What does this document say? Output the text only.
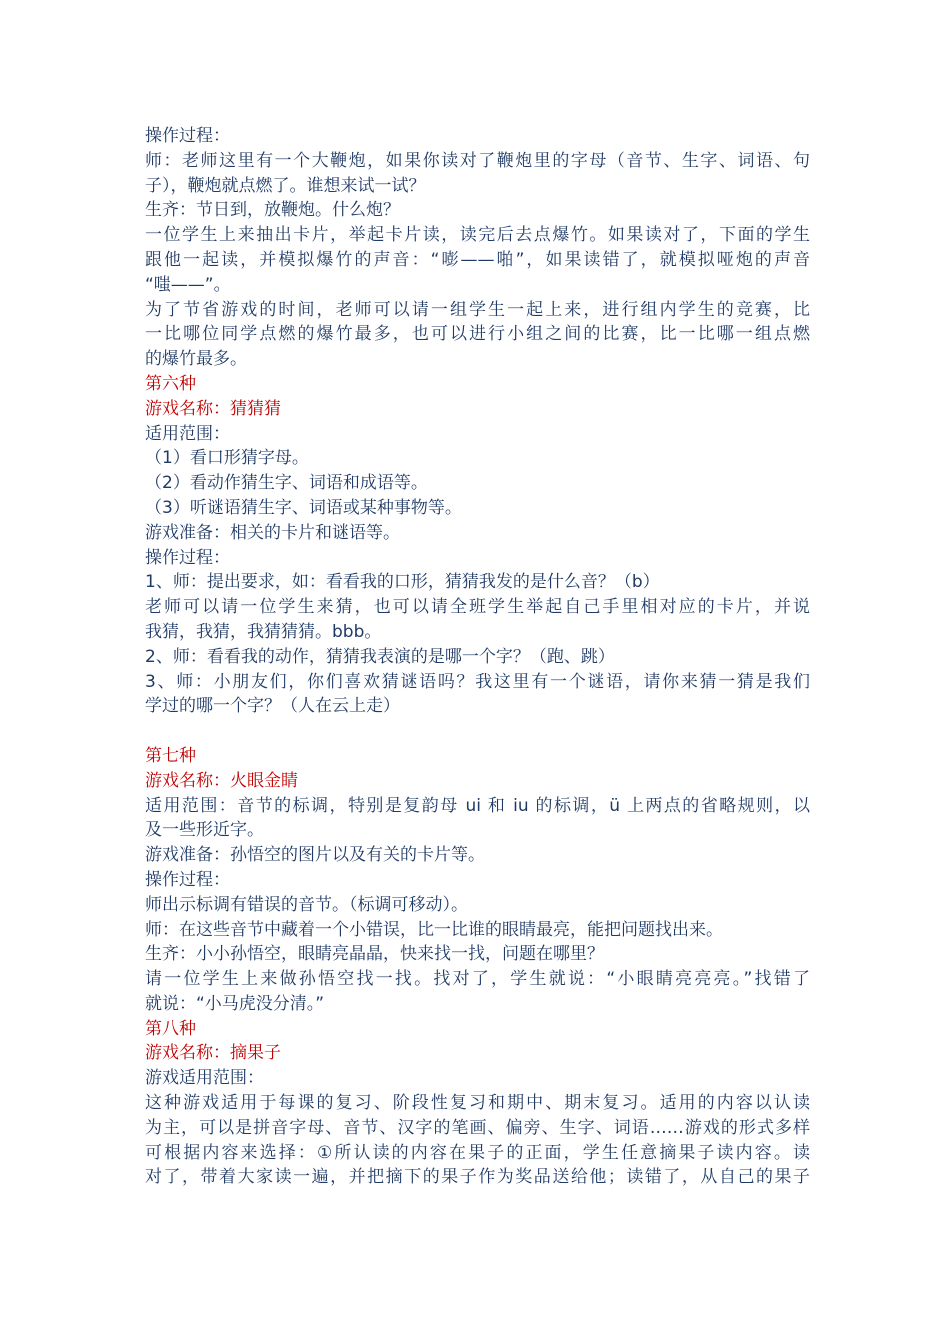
操作过程：
师：老师这里有一个大鞭炮，如果你读对了鞭炮里的字母（音节、生字、词语、句
子），鞭炮就点燃了。谁想来试一试？
生齐：节日到，放鞭炮。什么炮？
一位学生上来抽出卡片，举起卡片读，读完后去点爆竹。如果读对了，下面的学生
跟他一起读，并模拟爆竹的声音：“嘭——啪”，如果读错了，就模拟哑炮的声音
“嗤——”。
为了节省游戏的时间，老师可以请一组学生一起上来，进行组内学生的竞赛，比
一比哪位同学点燃的爆竹最多，也可以进行小组之间的比赛，比一比哪一组点燃
的爆竹最多。
第六种
游戏名称：猜猜猜
适用范围：
（1）看口形猜字母。
（2）看动作猜生字、词语和成语等。
（3）听谜语猜生字、词语或某种事物等。
游戏准备：相关的卡片和谜语等。
操作过程：
1、师：提出要求，如：看看我的口形，猜猜我发的是什么音？（b）
老师可以请一位学生来猜，也可以请全班学生举起自己手里相对应的卡片，并说
我猜，我猜，我猜猜猜。bbb。
2、师：看看我的动作，猜猜我表演的是哪一个字？（跑、跳）
3、师：小朋友们，你们喜欢猜谜语吗？我这里有一个谜语，请你来猜一猜是我们
学过的哪一个字？（人在云上走）
第七种
游戏名称：火眼金睛
适用范围：音节的标调，特别是复韵母 ui 和 iu 的标调，ü 上两点的省略规则，以
及一些形近字。
游戏准备：孙悟空的图片以及有关的卡片等。
操作过程：
师出示标调有错误的音节。（标调可移动）。
师：在这些音节中藏着一个小错误，比一比谁的眼睛最亮，能把问题找出来。
生齐：小小孙悟空，眼睛亮晶晶，快来找一找，问题在哪里？
请一位学生上来做孙悟空找一找。找对了，学生就说：“小眼睛亮亮亮。”找错了
就说：“小马虎没分清。”
第八种
游戏名称：摘果子
游戏适用范围：
这种游戏适用于每课的复习、阶段性复习和期中、期末复习。适用的内容以认读
为主，可以是拼音字母、音节、汉字的笔画、偏旁、生字、词语……游戏的形式多样
可根据内容来选择：①所认读的内容在果子的正面，学生任意摘果子读内容。读
对了，带着大家读一遍，并把摘下的果子作为奖品送给他；读错了，从自己的果子
